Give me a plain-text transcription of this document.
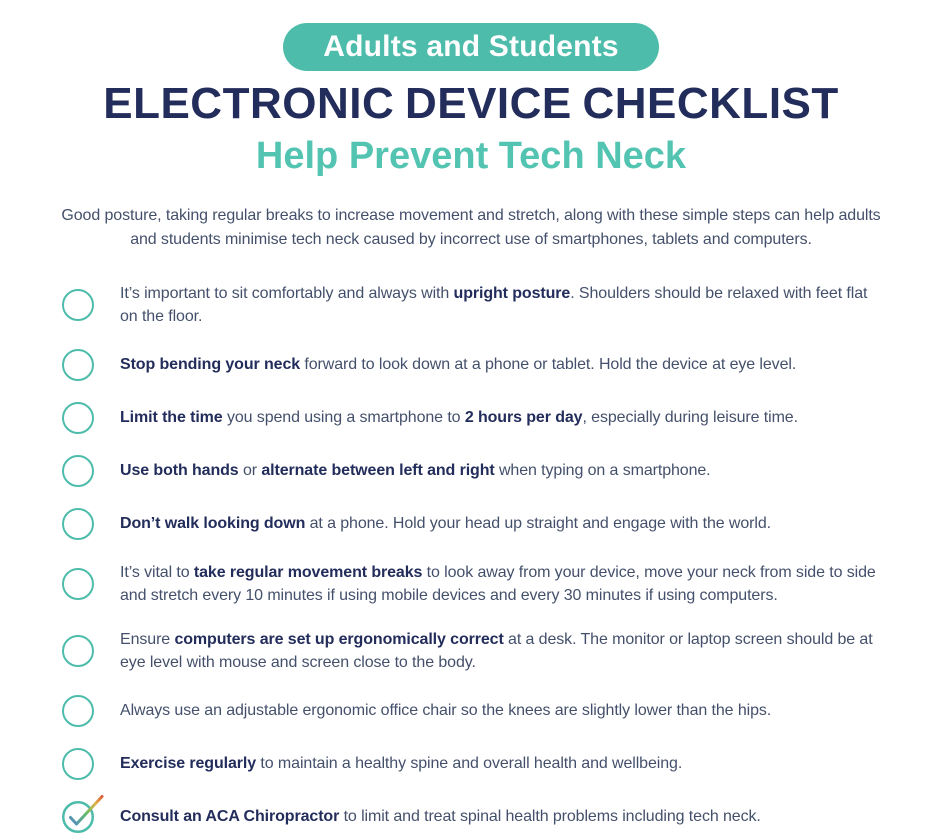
Adults and Students
ELECTRONIC DEVICE CHECKLIST
Help Prevent Tech Neck

Good posture, taking regular breaks to increase movement and stretch, along with these simple steps can help adults and students minimise tech neck caused by incorrect use of smartphones, tablets and computers.

It’s important to sit comfortably and always with upright posture. Shoulders should be relaxed with feet flat on the floor.

Stop bending your neck forward to look down at a phone or tablet. Hold the device at eye level.

Limit the time you spend using a smartphone to 2 hours per day, especially during leisure time.

Use both hands or alternate between left and right when typing on a smartphone.

Don’t walk looking down at a phone. Hold your head up straight and engage with the world.

It’s vital to take regular movement breaks to look away from your device, move your neck from side to side and stretch every 10 minutes if using mobile devices and every 30 minutes if using computers.

Ensure computers are set up ergonomically correct at a desk. The monitor or laptop screen should be at eye level with mouse and screen close to the body.

Always use an adjustable ergonomic office chair so the knees are slightly lower than the hips.

Exercise regularly to maintain a healthy spine and overall health and wellbeing.

Consult an ACA Chiropractor to limit and treat spinal health problems including tech neck.
